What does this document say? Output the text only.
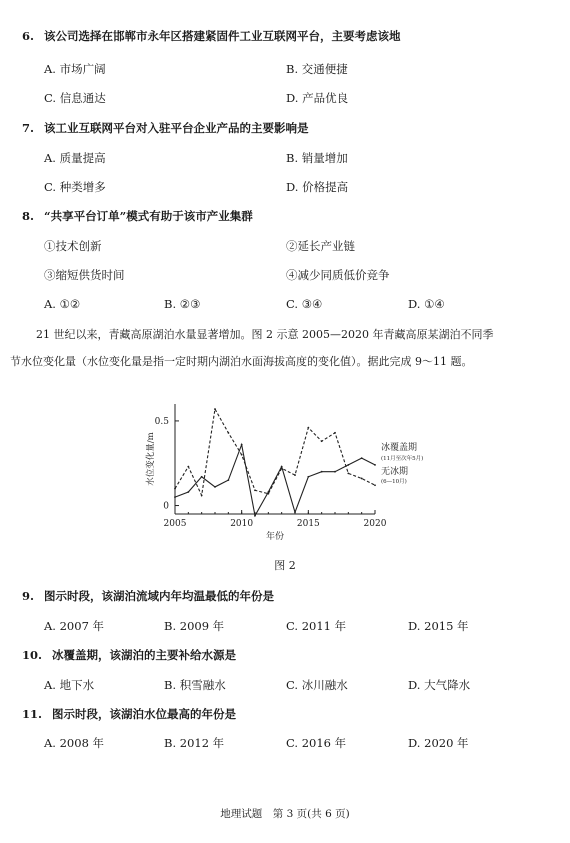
6. 该公司选择在邯郸市永年区搭建紧固件工业互联网平台，主要考虑该地
A. 市场广阔	B. 交通便捷
C. 信息通达	D. 产品优良
7. 该工业互联网平台对入驻平台企业产品的主要影响是
A. 质量提高	B. 销量增加
C. 种类增多	D. 价格提高
8. “共享平台订单”模式有助于该市产业集群
①技术创新	②延长产业链
③缩短供货时间	④减少同质低价竞争
A. ①②	B. ②③	C. ③④	D. ①④
21 世纪以来，青藏高原湖泊水量显著增加。图 2 示意 2005—2020 年青藏高原某湖泊不同季
节水位变化量（水位变化量是指一定时期内湖泊水面海拔高度的变化值）。据此完成 9～11 题。
2005	2010	2015	2020
0
0.5
年份
水位变化量/m	冰覆盖期
(11月至次年5月)
无冰期
(6—10月)
图 2
9. 图示时段，该湖泊流域内年均温最低的年份是
A. 2007 年	B. 2009 年	C. 2011 年	D. 2015 年
10. 冰覆盖期，该湖泊的主要补给水源是
A. 地下水	B. 积雪融水	C. 冰川融水	D. 大气降水
11. 图示时段，该湖泊水位最高的年份是
A. 2008 年	B. 2012 年	C. 2016 年	D. 2020 年
地理试题　第 3 页(共 6 页)
